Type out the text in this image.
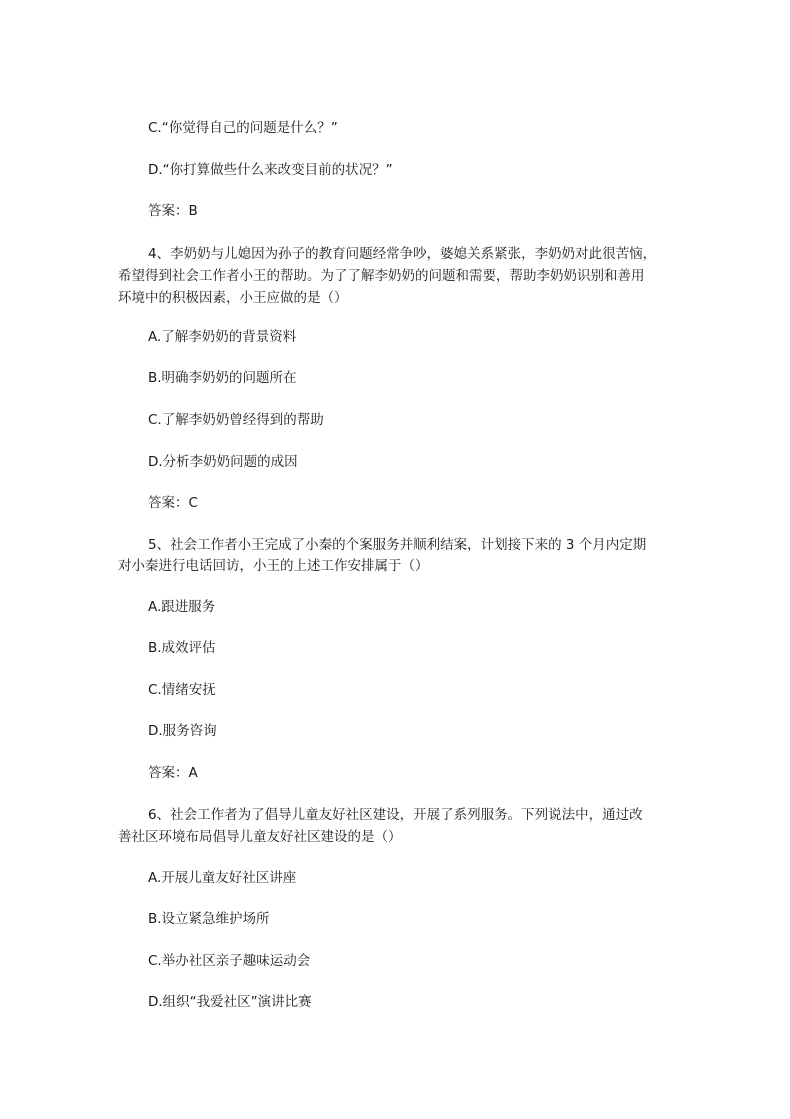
C.“你觉得自己的问题是什么？”

D.“你打算做些什么来改变目前的状况？”

答案：B

4、李奶奶与儿媳因为孙子的教育问题经常争吵，婆媳关系紧张，李奶奶对此很苦恼，

希望得到社会工作者小王的帮助。为了了解李奶奶的问题和需要，帮助李奶奶识别和善用

环境中的积极因素，小王应做的是（）

A.了解李奶奶的背景资料

B.明确李奶奶的问题所在

C.了解李奶奶曾经得到的帮助

D.分析李奶奶问题的成因

答案：C

5、社会工作者小王完成了小秦的个案服务并顺利结案，计划接下来的 3 个月内定期

对小秦进行电话回访，小王的上述工作安排属于（）

A.跟进服务

B.成效评估

C.情绪安抚

D.服务咨询

答案：A

6、社会工作者为了倡导儿童友好社区建设，开展了系列服务。下列说法中，通过改

善社区环境布局倡导儿童友好社区建设的是（）

A.开展儿童友好社区讲座

B.设立紧急维护场所

C.举办社区亲子趣味运动会

D.组织“我爱社区”演讲比赛
